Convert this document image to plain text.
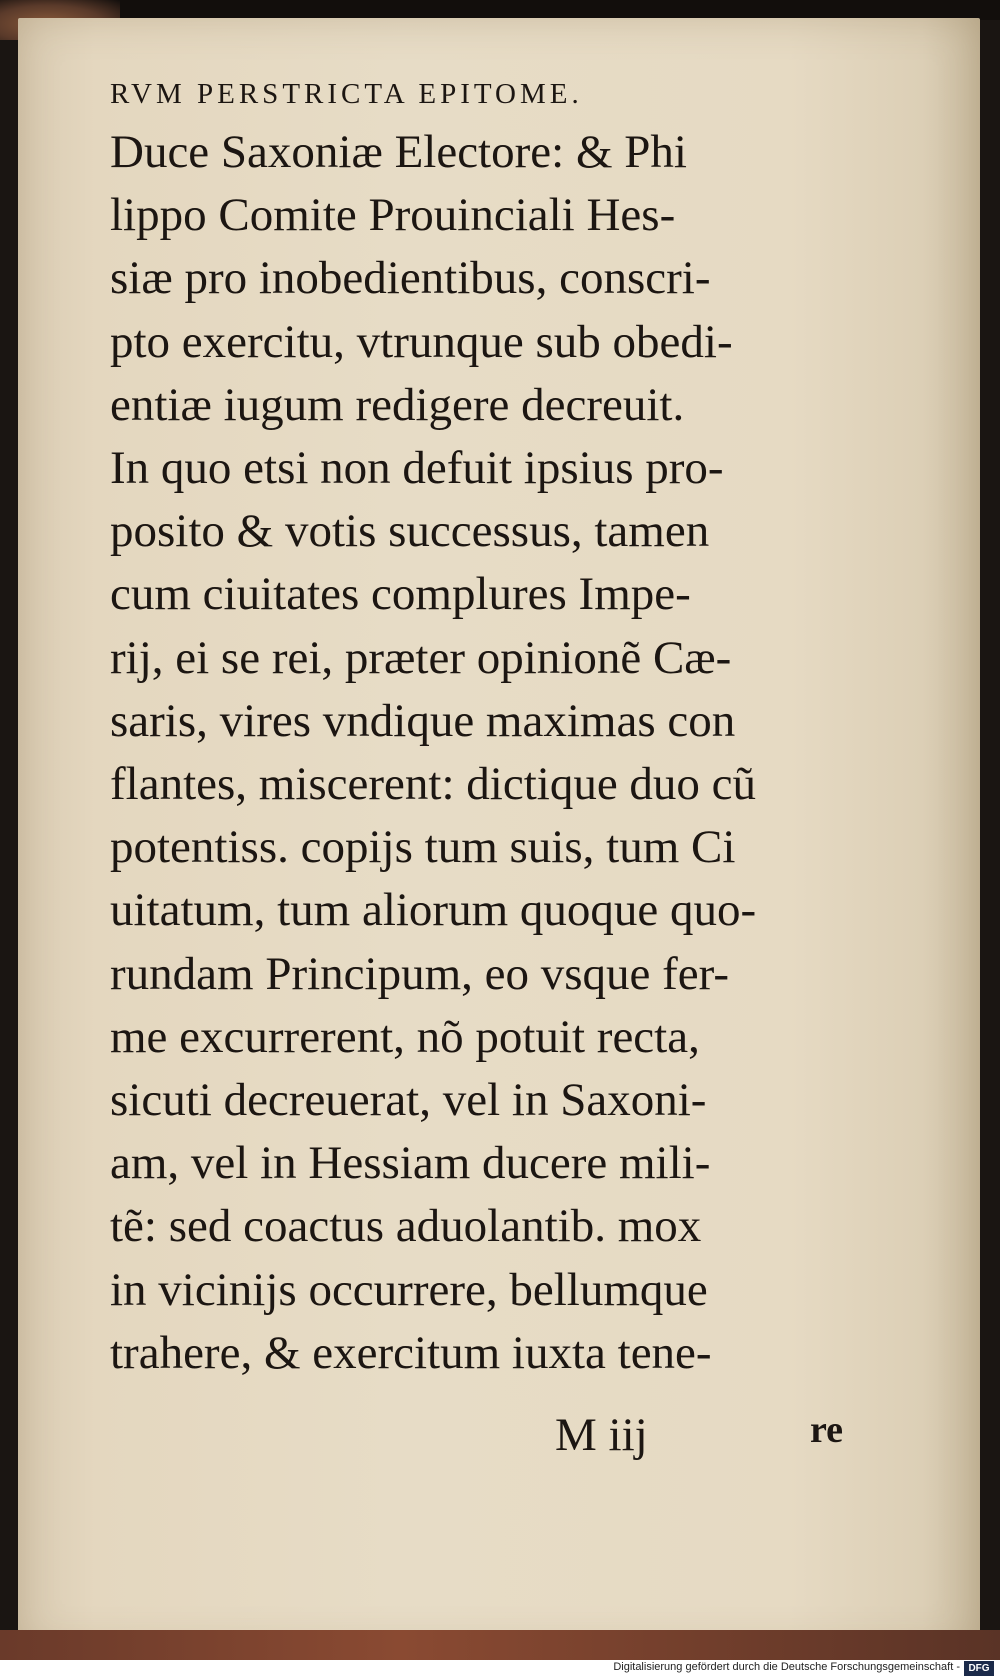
RVM PERSTRICTA EPITOME.
Duce Saxoniæ Electore: & Phi
lippo Comite Prouinciali Hes-
siæ pro inobedientibus, conscri-
pto exercitu, vtrunque sub obedi-
entiæ iugum redigere decreuit.
In quo etsi non defuit ipsius pro-
posito & votis successus, tamen
cum ciuitates complures Impe-
rij, ei se rei, præter opinionẽ Cæ-
saris, vires vndique maximas con
flantes, miscerent: dictique duo cũ
potentiss. copijs tum suis, tum Ci
uitatum, tum aliorum quoque quo-
rundam Principum, eo vsque fer-
me excurrerent, nõ potuit recta,
sicuti decreuerat, vel in Saxoni-
am, vel in Hessiam ducere mili-
tẽ: sed coactus aduolantib. mox
in vicinijs occurrere, bellumque
trahere, & exercitum iuxta tene-
M iij	re
Digitalisierung gefördert durch die Deutsche Forschungsgemeinschaft - DFG
